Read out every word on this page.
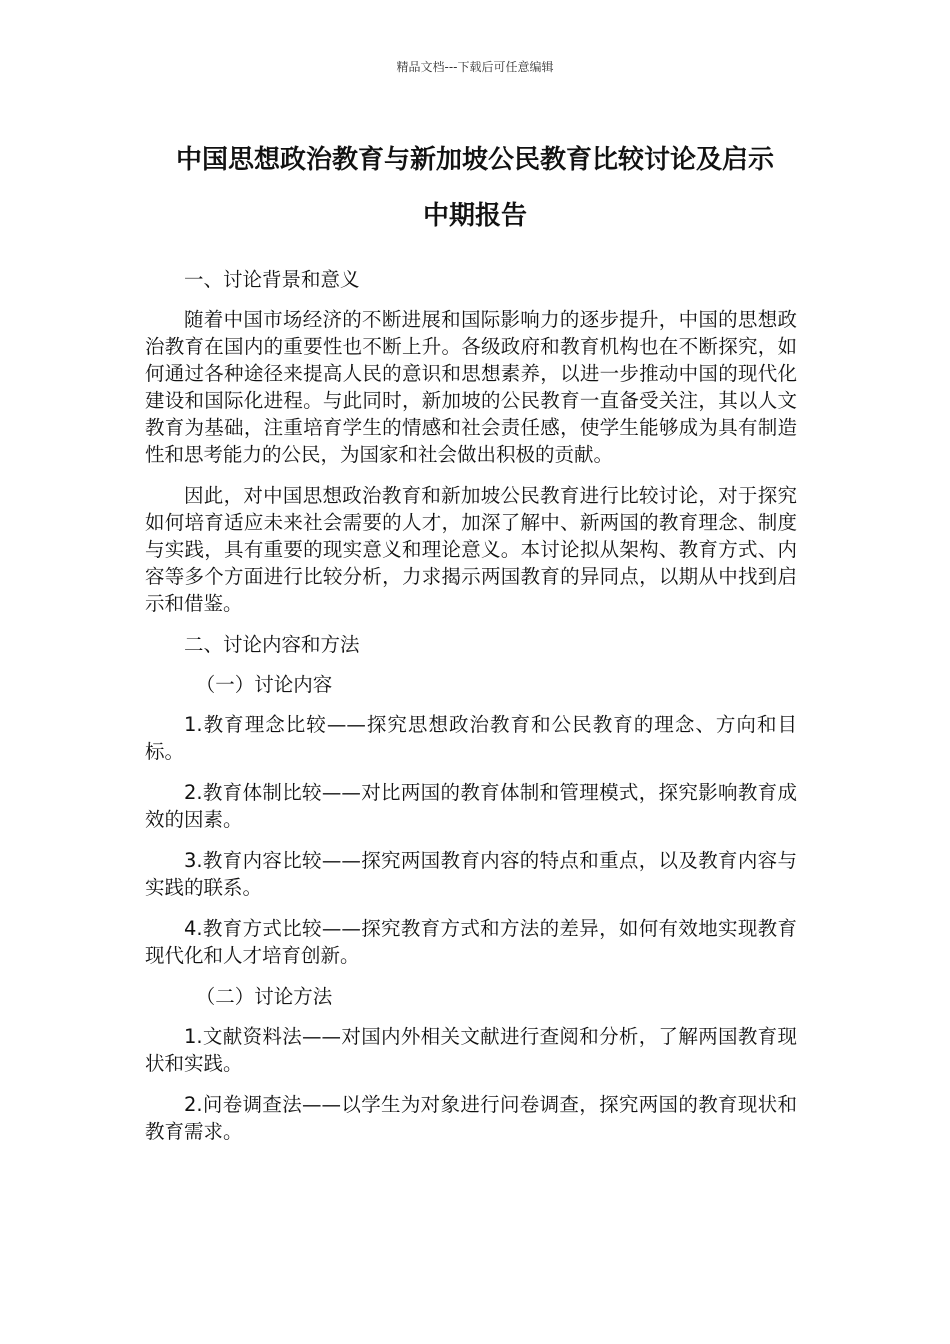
精品文档---下载后可任意编辑
中国思想政治教育与新加坡公民教育比较讨论及启示
中期报告

一、讨论背景和意义

随着中国市场经济的不断进展和国际影响力的逐步提升，中国的思想政治教育在国内的重要性也不断上升。各级政府和教育机构也在不断探究，如何通过各种途径来提高人民的意识和思想素养，以进一步推动中国的现代化建设和国际化进程。与此同时，新加坡的公民教育一直备受关注，其以人文教育为基础，注重培育学生的情感和社会责任感，使学生能够成为具有制造性和思考能力的公民，为国家和社会做出积极的贡献。

因此，对中国思想政治教育和新加坡公民教育进行比较讨论，对于探究如何培育适应未来社会需要的人才，加深了解中、新两国的教育理念、制度与实践，具有重要的现实意义和理论意义。本讨论拟从架构、教育方式、内容等多个方面进行比较分析，力求揭示两国教育的异同点，以期从中找到启示和借鉴。

二、讨论内容和方法

（一）讨论内容

1.教育理念比较——探究思想政治教育和公民教育的理念、方向和目标。

2.教育体制比较——对比两国的教育体制和管理模式，探究影响教育成效的因素。

3.教育内容比较——探究两国教育内容的特点和重点，以及教育内容与实践的联系。

4.教育方式比较——探究教育方式和方法的差异，如何有效地实现教育现代化和人才培育创新。

（二）讨论方法

1.文献资料法——对国内外相关文献进行查阅和分析，了解两国教育现状和实践。

2.问卷调查法——以学生为对象进行问卷调查，探究两国的教育现状和教育需求。
